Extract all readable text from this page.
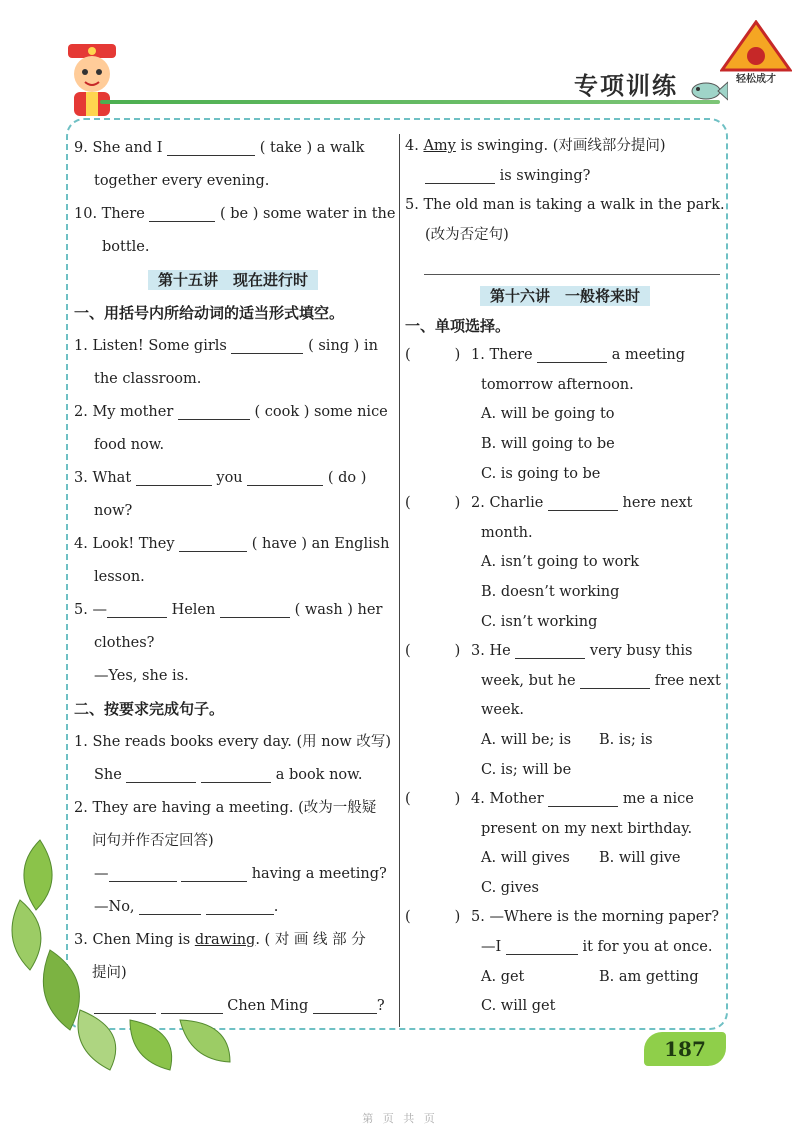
专项训练	轻松成才
9. She and I	( take ) a walk
together every evening.
10. There	( be ) some water in the
bottle.
第十五讲　现在进行时
一、用括号内所给动词的适当形式填空。
1. Listen! Some girls	( sing ) in
the classroom.
2. My mother	( cook ) some nice
food now.
3. What	you	( do )
now?
4. Look! They	( have ) an English
lesson.
5. —	Helen	( wash ) her
clothes?
—Yes, she is.
二、按要求完成句子。
1. She reads books every day. (用 now 改写)
She	a book now.
2. They are having a meeting. (改为一般疑
问句并作否定回答)
—	having a meeting?
—No,	.
3. Chen Ming is drawing. ( 对 画 线 部 分
提问)
Chen Ming	?
4. Amy is swinging. (对画线部分提问)
is swinging?
5. The old man is taking a walk in the park.
(改为否定句)
第十六讲　一般将来时
一、单项选择。
(	) 1. There	a meeting
tomorrow afternoon.
A. will be going to
B. will going to be
C. is going to be
(	) 2. Charlie	here next
month.
A. isn’t going to work
B. doesn’t working
C. isn’t working
(	) 3. He	very busy this
week, but he	free next
week.
A. will be; is B. is; is
C. is; will be
(	) 4. Mother	me a nice
present on my next birthday.
A. will gives B. will give
C. gives
(	) 5. —Where is the morning paper?
—I	it for you at once.
A. get	B. am getting
C. will get
187
第 页 共 页
